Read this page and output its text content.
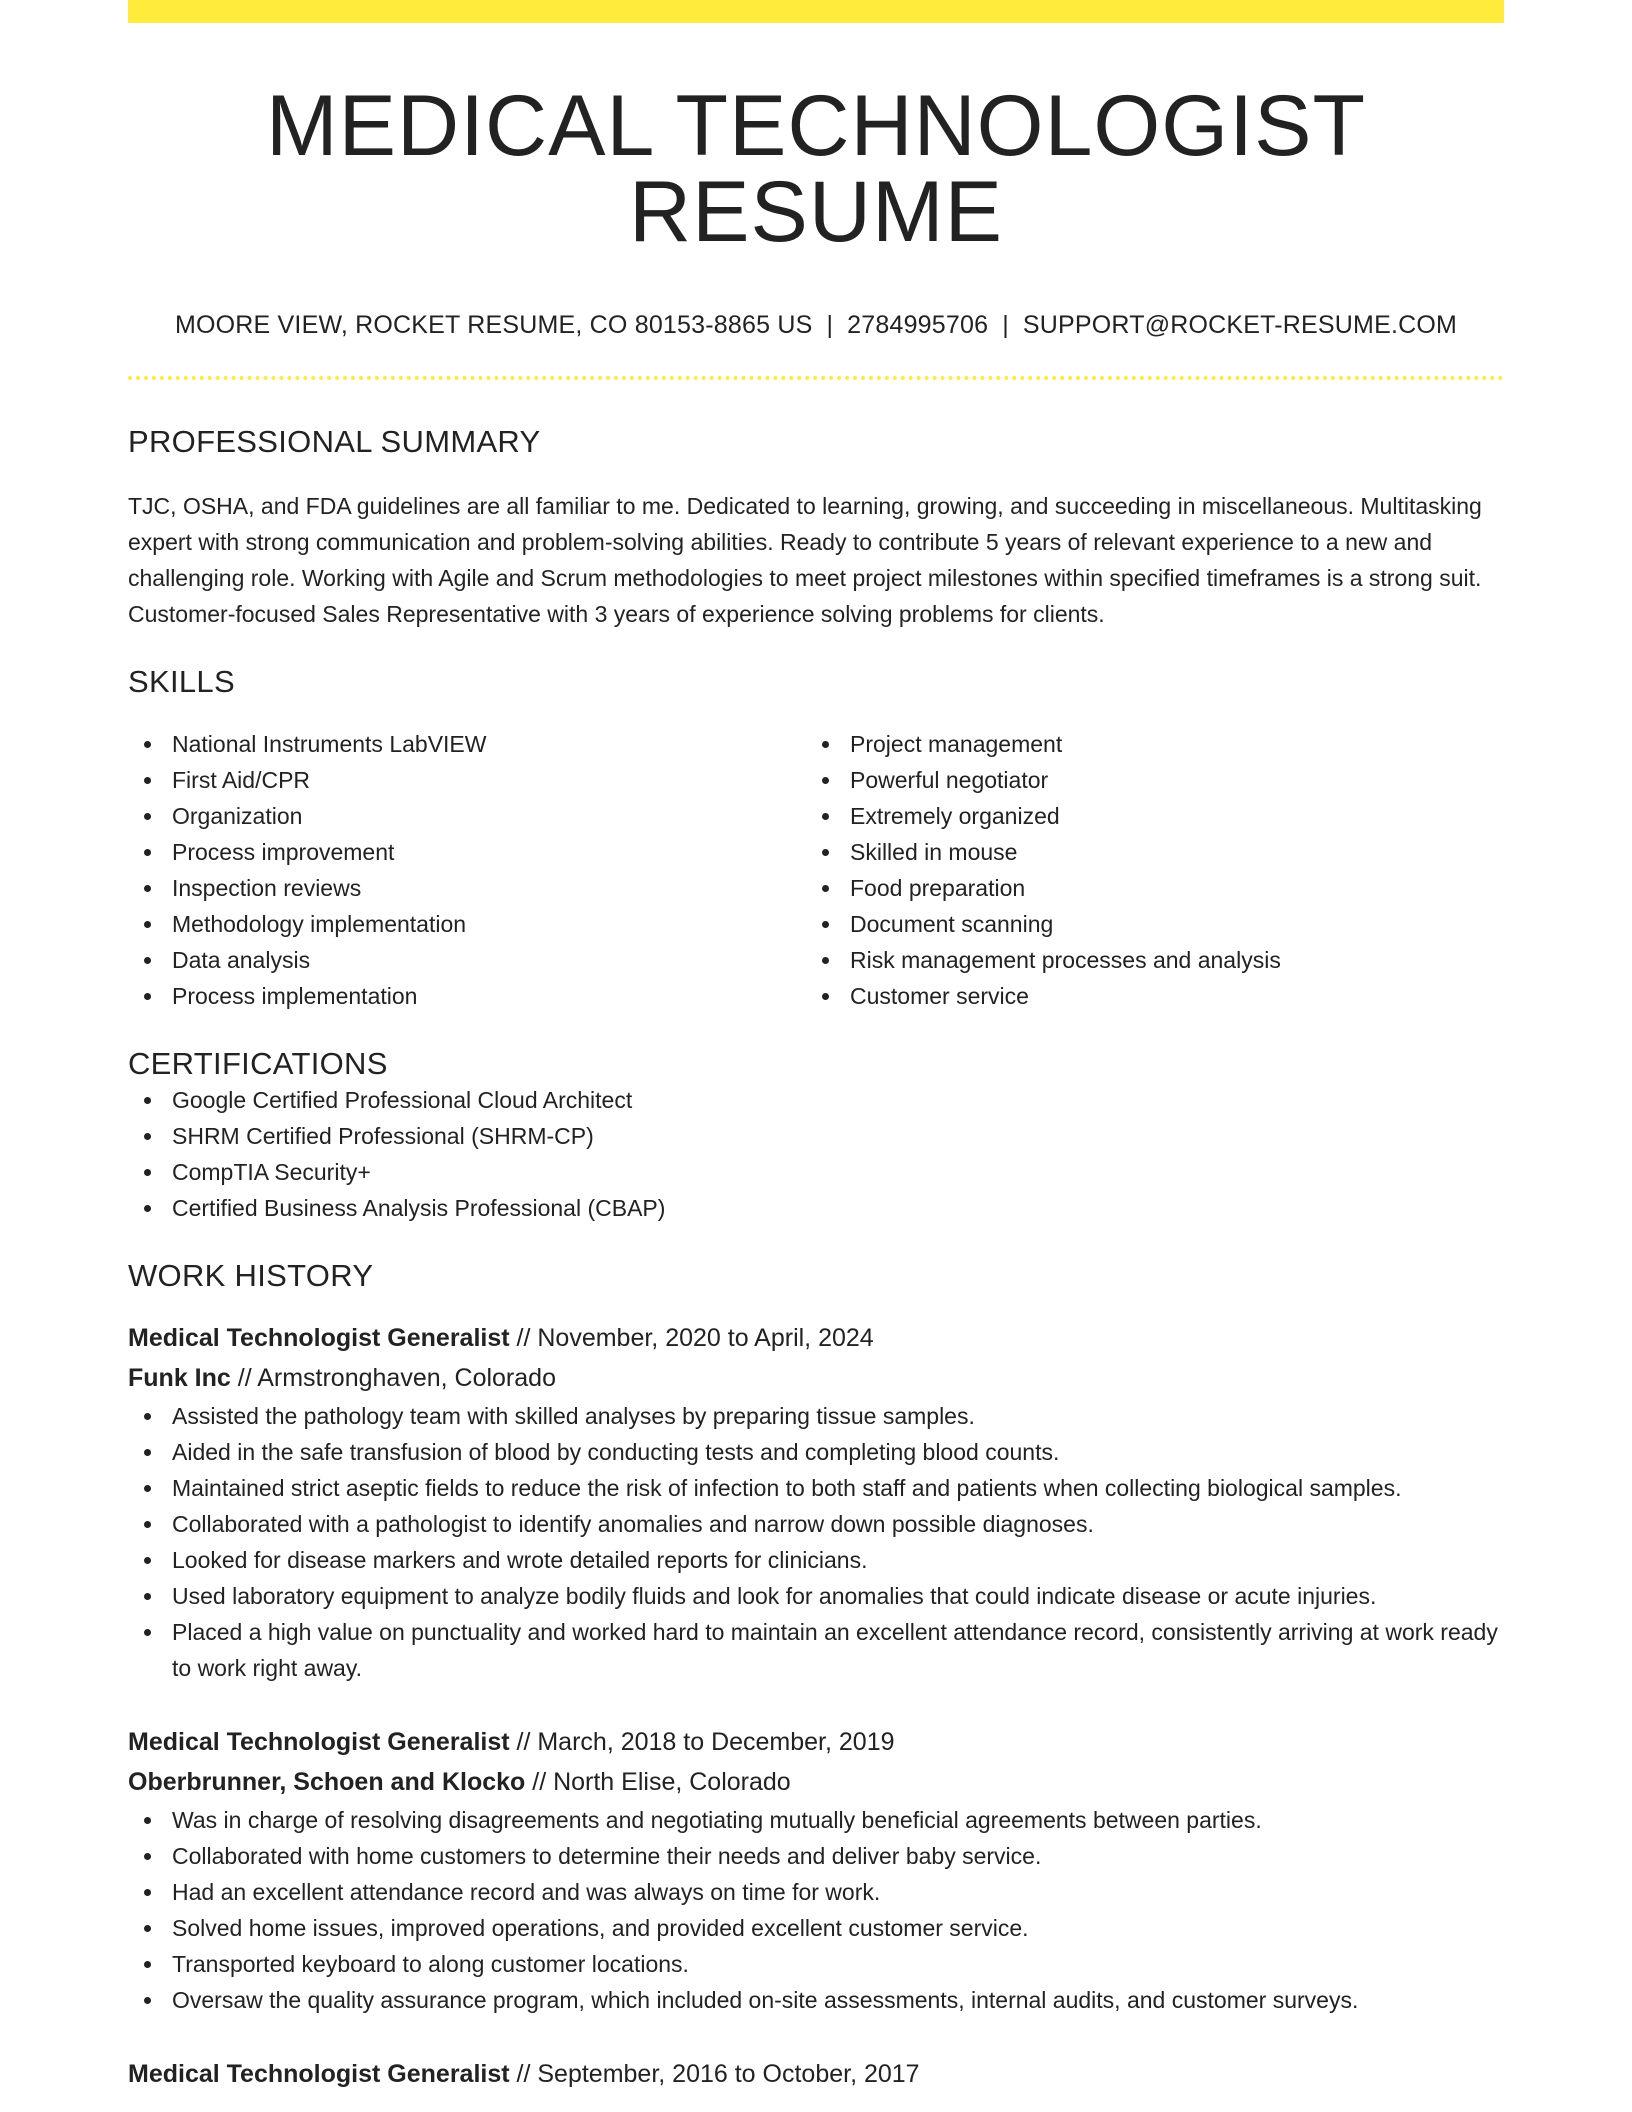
MEDICAL TECHNOLOGIST RESUME
MOORE VIEW, ROCKET RESUME, CO 80153-8865 US | 2784995706 | SUPPORT@ROCKET-RESUME.COM
PROFESSIONAL SUMMARY

TJC, OSHA, and FDA guidelines are all familiar to me. Dedicated to learning, growing, and succeeding in miscellaneous. Multitasking expert with strong communication and problem-solving abilities. Ready to contribute 5 years of relevant experience to a new and challenging role. Working with Agile and Scrum methodologies to meet project milestones within specified timeframes is a strong suit. Customer-focused Sales Representative with 3 years of experience solving problems for clients.

SKILLS
National Instruments LabVIEW
First Aid/CPR
Organization
Process improvement
Inspection reviews
Methodology implementation
Data analysis
Process implementation
Project management
Powerful negotiator
Extremely organized
Skilled in mouse
Food preparation
Document scanning
Risk management processes and analysis
Customer service
CERTIFICATIONS
Google Certified Professional Cloud Architect
SHRM Certified Professional (SHRM-CP)
CompTIA Security+
Certified Business Analysis Professional (CBAP)
WORK HISTORY
Medical Technologist Generalist // November, 2020 to April, 2024
Funk Inc // Armstronghaven, Colorado
Assisted the pathology team with skilled analyses by preparing tissue samples.
Aided in the safe transfusion of blood by conducting tests and completing blood counts.
Maintained strict aseptic fields to reduce the risk of infection to both staff and patients when collecting biological samples.
Collaborated with a pathologist to identify anomalies and narrow down possible diagnoses.
Looked for disease markers and wrote detailed reports for clinicians.
Used laboratory equipment to analyze bodily fluids and look for anomalies that could indicate disease or acute injuries.
Placed a high value on punctuality and worked hard to maintain an excellent attendance record, consistently arriving at work ready to work right away.
Medical Technologist Generalist // March, 2018 to December, 2019
Oberbrunner, Schoen and Klocko // North Elise, Colorado
Was in charge of resolving disagreements and negotiating mutually beneficial agreements between parties.
Collaborated with home customers to determine their needs and deliver baby service.
Had an excellent attendance record and was always on time for work.
Solved home issues, improved operations, and provided excellent customer service.
Transported keyboard to along customer locations.
Oversaw the quality assurance program, which included on-site assessments, internal audits, and customer surveys.
Medical Technologist Generalist // September, 2016 to October, 2017
